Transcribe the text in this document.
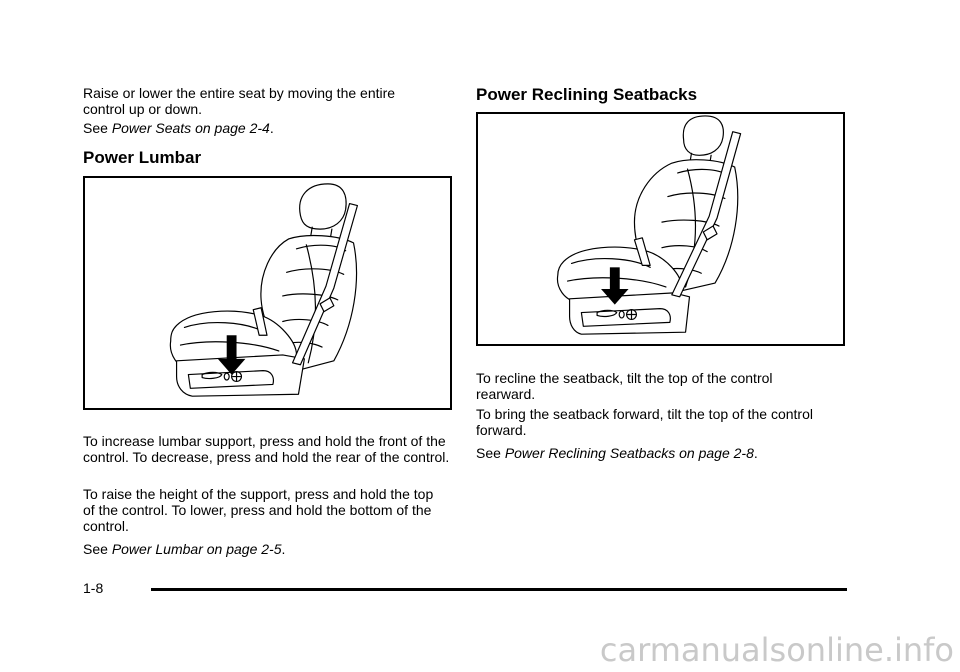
Raise or lower the entire seat by moving the entire control up or down.

See Power Seats on page 2-4.

Power Lumbar

To increase lumbar support, press and hold the front of the control. To decrease, press and hold the rear of the control.

To raise the height of the support, press and hold the top of the control. To lower, press and hold the bottom of the control.

See Power Lumbar on page 2-5.

Power Reclining Seatbacks

To recline the seatback, tilt the top of the control rearward.

To bring the seatback forward, tilt the top of the control forward.

See Power Reclining Seatbacks on page 2-8.

1-8
carmanualsonline.info
